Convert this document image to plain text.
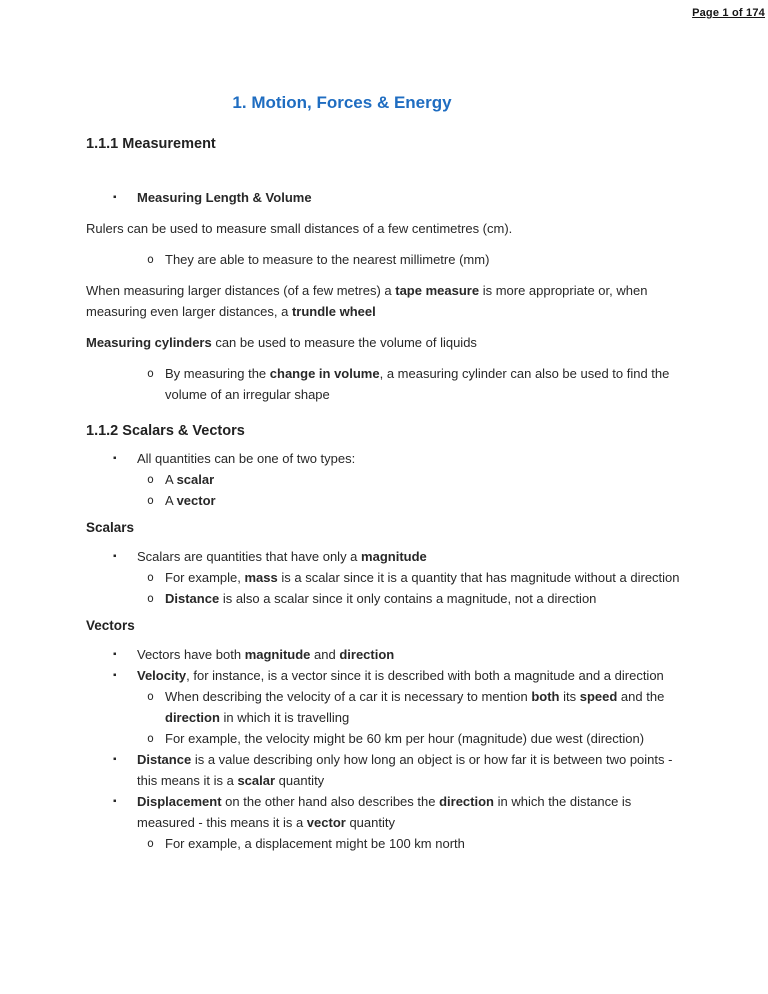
Page 1 of 174
1. Motion, Forces & Energy
1.1.1 Measurement
▪ Measuring Length & Volume
Rulers can be used to measure small distances of a few centimetres (cm).
o They are able to measure to the nearest millimetre (mm)
When measuring larger distances (of a few metres) a tape measure is more appropriate or, when measuring even larger distances, a trundle wheel
Measuring cylinders can be used to measure the volume of liquids
o By measuring the change in volume, a measuring cylinder can also be used to find the volume of an irregular shape
1.1.2 Scalars & Vectors
▪ All quantities can be one of two types:
o A scalar
o A vector
Scalars
▪ Scalars are quantities that have only a magnitude
o For example, mass is a scalar since it is a quantity that has magnitude without a direction
o Distance is also a scalar since it only contains a magnitude, not a direction
Vectors
▪ Vectors have both magnitude and direction
▪ Velocity, for instance, is a vector since it is described with both a magnitude and a direction
o When describing the velocity of a car it is necessary to mention both its speed and the direction in which it is travelling
o For example, the velocity might be 60 km per hour (magnitude) due west (direction)
▪ Distance is a value describing only how long an object is or how far it is between two points - this means it is a scalar quantity
▪ Displacement on the other hand also describes the direction in which the distance is measured - this means it is a vector quantity
o For example, a displacement might be 100 km north
